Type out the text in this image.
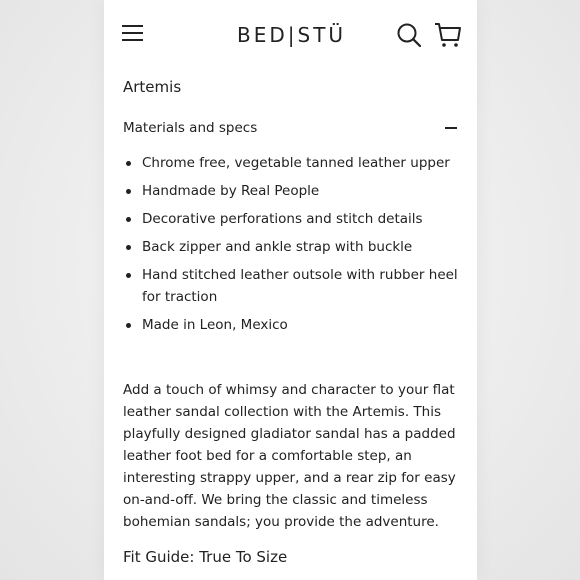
BED|STÜ
Artemis
Materials and specs
Chrome free, vegetable tanned leather upper
Handmade by Real People
Decorative perforations and stitch details
Back zipper and ankle strap with buckle
Hand stitched leather outsole with rubber heel for traction
Made in Leon, Mexico
Add a touch of whimsy and character to your flat leather sandal collection with the Artemis. This playfully designed gladiator sandal has a padded leather foot bed for a comfortable step, an interesting strappy upper, and a rear zip for easy on-and-off. We bring the classic and timeless bohemian sandals; you provide the adventure.
Fit Guide: True To Size
